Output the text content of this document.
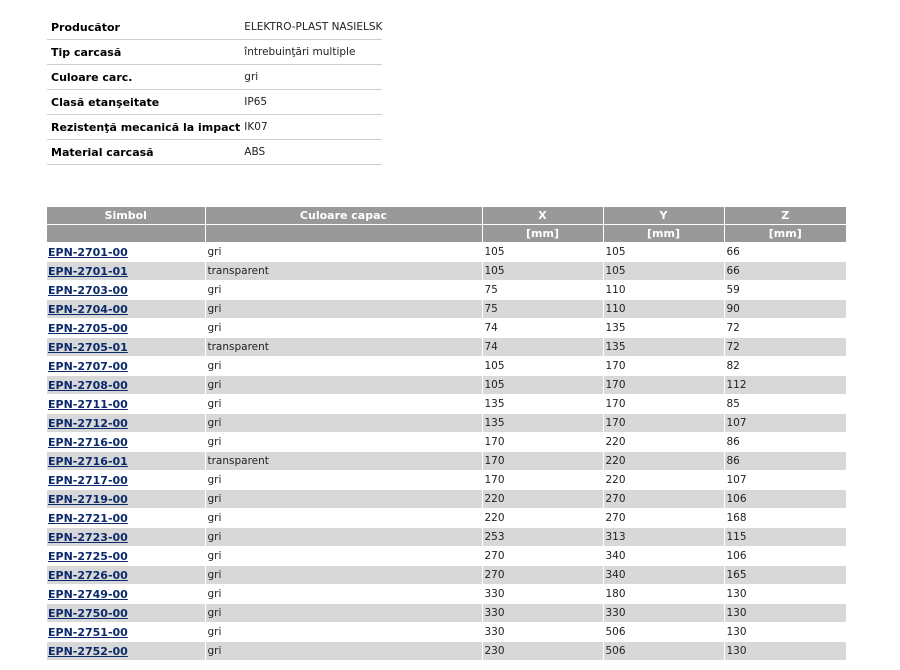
Producător	ELEKTRO-PLAST NASIELSK
Tip carcasă	întrebuinţări multiple
Culoare carc.	gri
Clasă etanşeitate	IP65
Rezistenţă mecanică la impact	IK07
Material carcasă	ABS
Simbol	Culoare capac	X	Y	Z
		[mm]	[mm]	[mm]
EPN-2701-00	gri	105	105	66
EPN-2701-01	transparent	105	105	66
EPN-2703-00	gri	75	110	59
EPN-2704-00	gri	75	110	90
EPN-2705-00	gri	74	135	72
EPN-2705-01	transparent	74	135	72
EPN-2707-00	gri	105	170	82
EPN-2708-00	gri	105	170	112
EPN-2711-00	gri	135	170	85
EPN-2712-00	gri	135	170	107
EPN-2716-00	gri	170	220	86
EPN-2716-01	transparent	170	220	86
EPN-2717-00	gri	170	220	107
EPN-2719-00	gri	220	270	106
EPN-2721-00	gri	220	270	168
EPN-2723-00	gri	253	313	115
EPN-2725-00	gri	270	340	106
EPN-2726-00	gri	270	340	165
EPN-2749-00	gri	330	180	130
EPN-2750-00	gri	330	330	130
EPN-2751-00	gri	330	506	130
EPN-2752-00	gri	230	506	130
